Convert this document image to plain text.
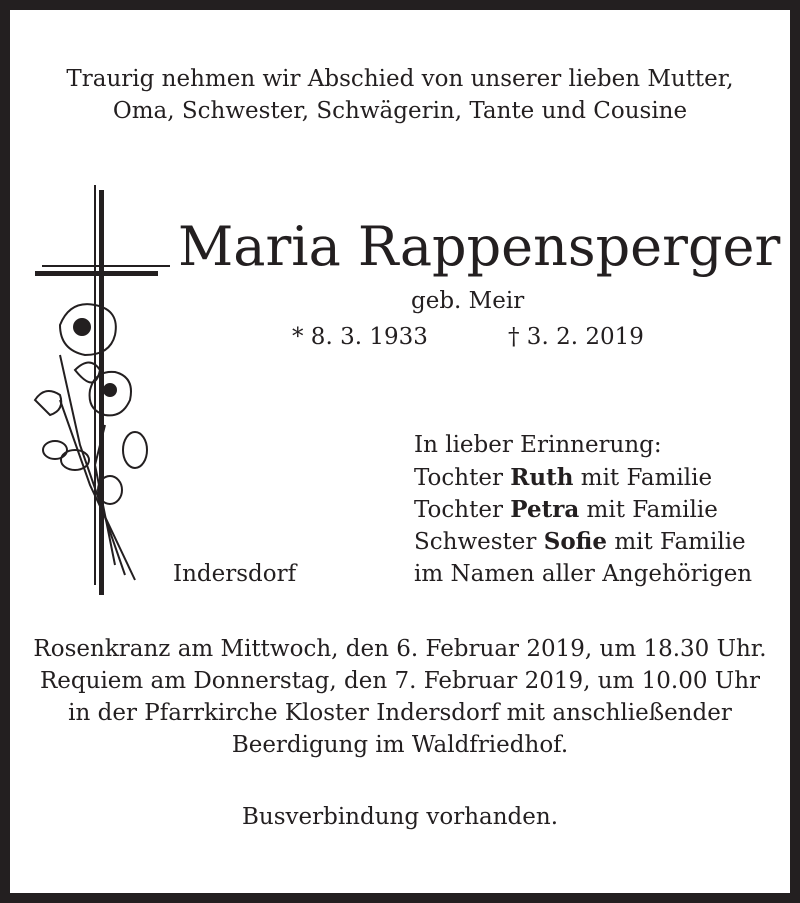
Traurig nehmen wir Abschied von unserer lieben Mutter,
Oma, Schwester, Schwägerin, Tante und Cousine
Maria Rappensperger
geb. Meir
* 8. 3. 1933	† 3. 2. 2019
In lieber Erinnerung:
Tochter Ruth mit Familie
Tochter Petra mit Familie
Schwester Sofie mit Familie
Indersdorf	im Namen aller Angehörigen
Rosenkranz am Mittwoch, den 6. Februar 2019, um 18.30 Uhr.
Requiem am Donnerstag, den 7. Februar 2019, um 10.00 Uhr
in der Pfarrkirche Kloster Indersdorf mit anschließender
Beerdigung im Waldfriedhof.
Busverbindung vorhanden.
